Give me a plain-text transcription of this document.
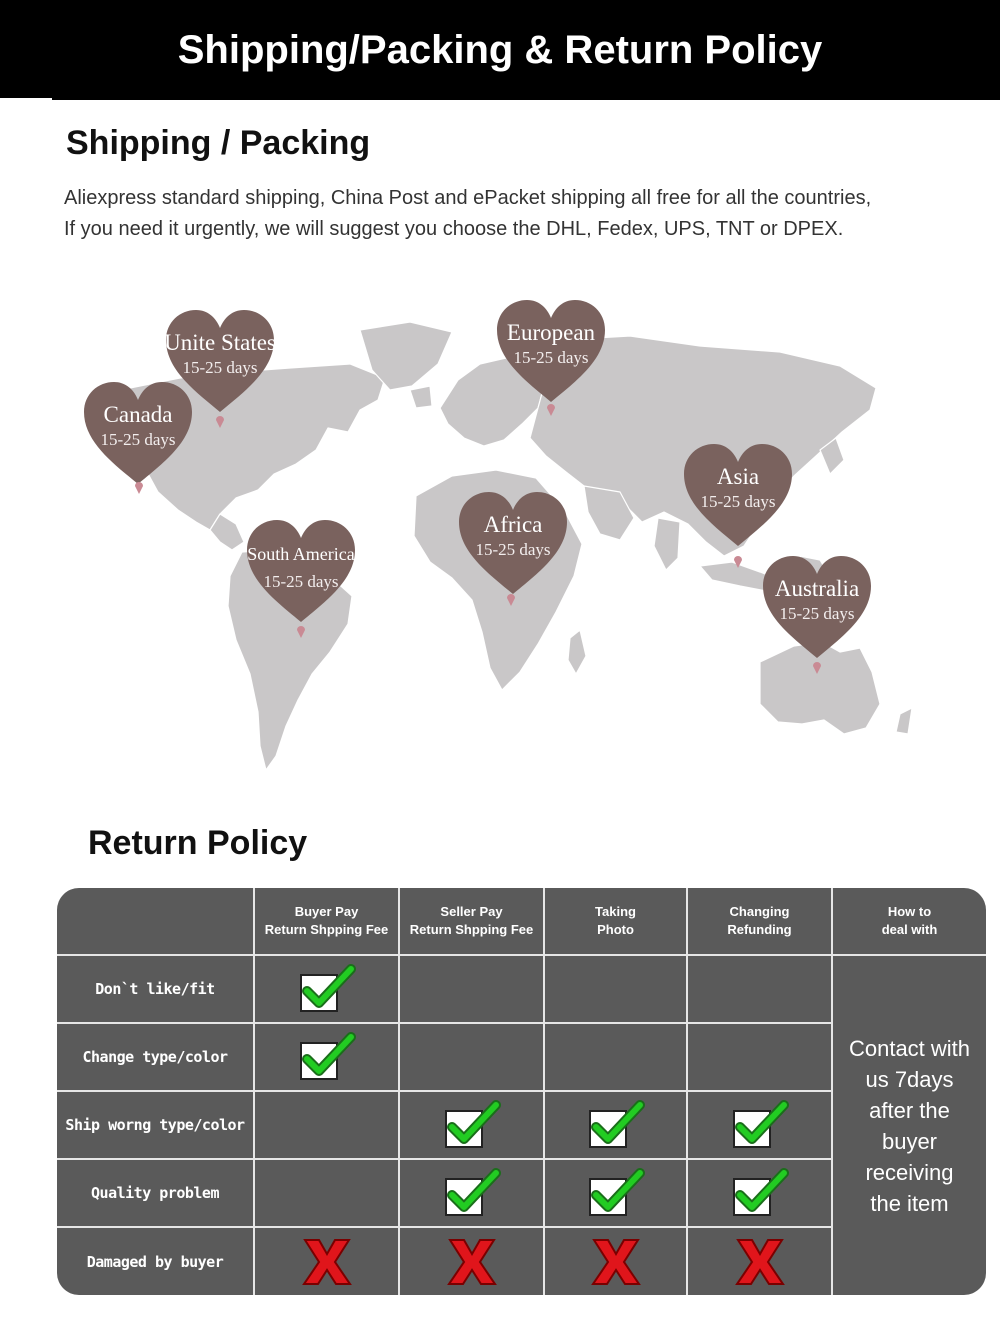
Shipping/Packing & Return Policy
Shipping / Packing
Aliexpress standard shipping, China Post and ePacket shipping all free for all the countries,
If you need it urgently, we will suggest you choose the DHL, Fedex, UPS, TNT or DPEX.
Unite States
15-25 days
Canada
15-25 days
European
15-25 days
Asia
15-25 days
Africa
15-25 days
South America
15-25 days	Australia
15-25 days
Return Policy
Buyer Pay
Return Shpping Fee
Seller Pay
Return Shpping Fee
Taking
Photo
Changing
Refunding
How to
deal with
Contact with
us 7days
after the
buyer
receiving
the item
Don`t like/fit
Change type/color
Ship worng type/color
Quality problem
Damaged by buyer
